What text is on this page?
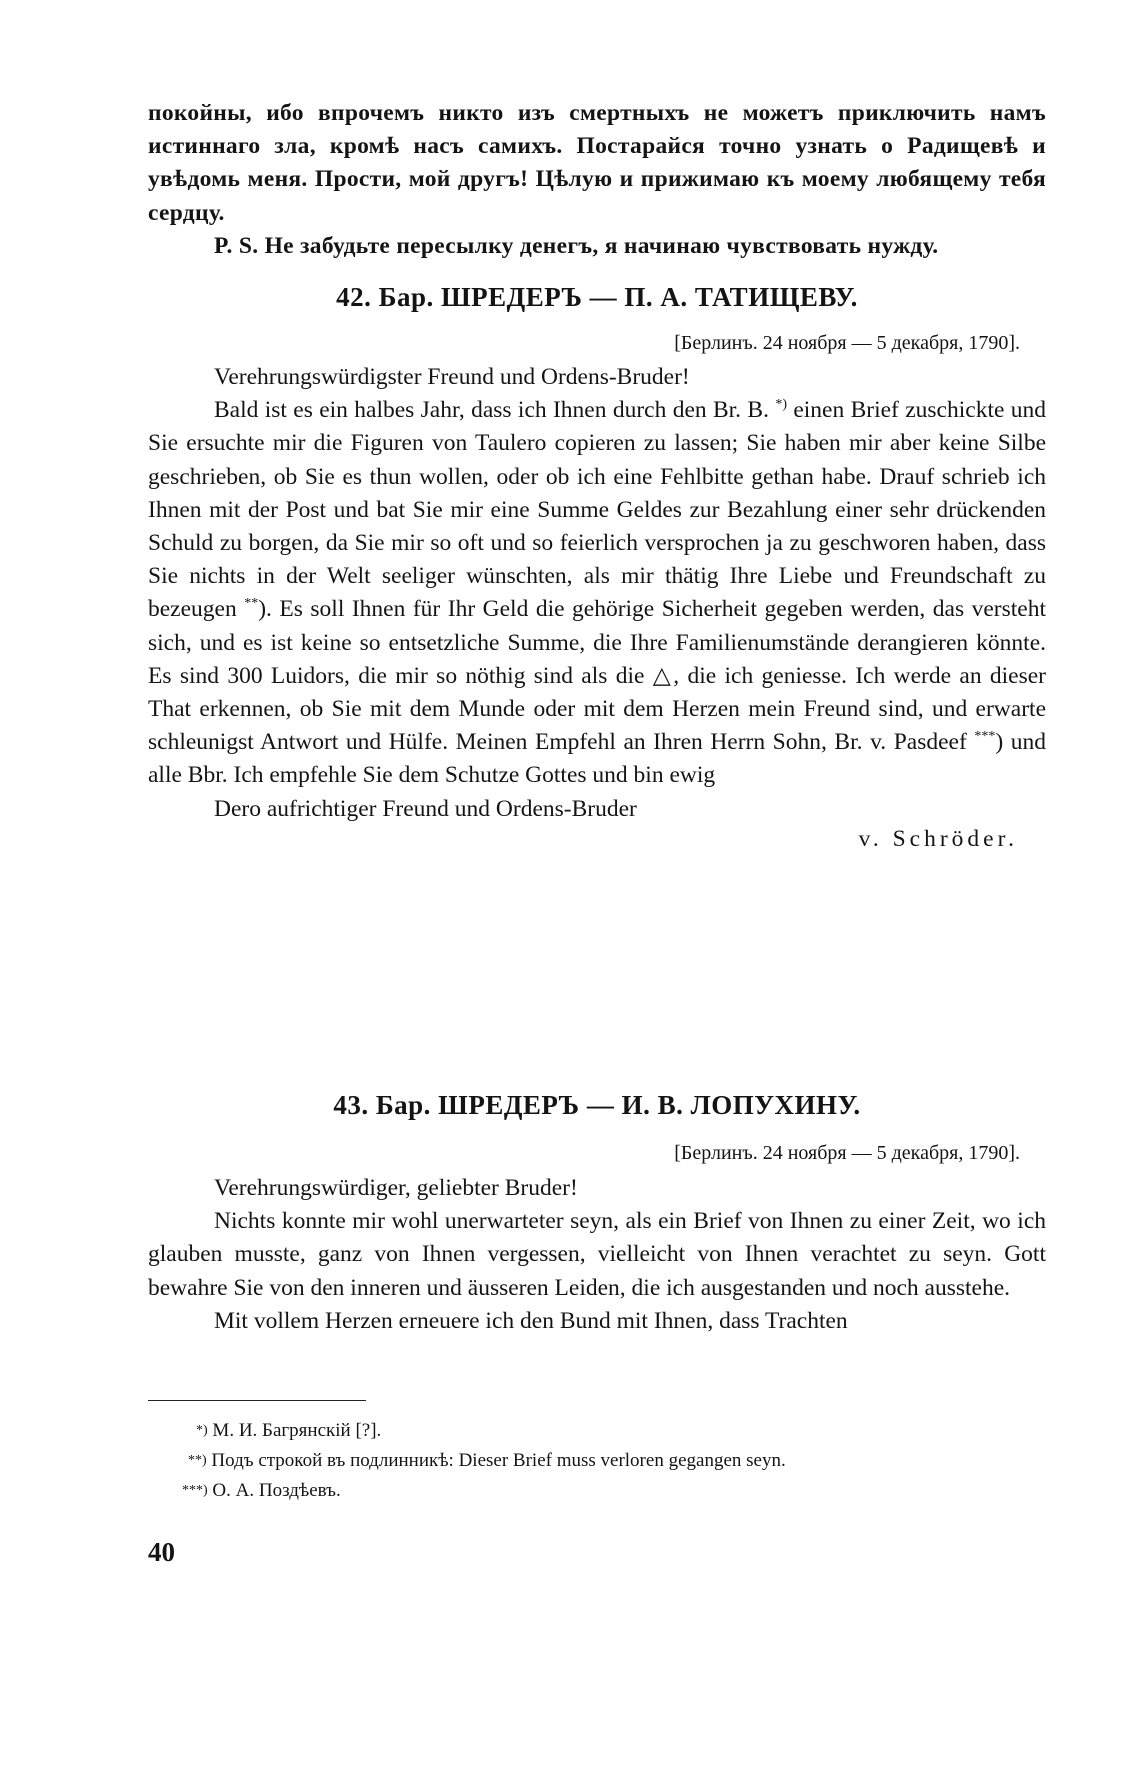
покойны, ибо впрочемъ никто изъ смертныхъ не можетъ приключить намъ истиннаго зла, кромѣ насъ самихъ. Постарайся точно узнать о Радищевѣ и увѣдомь меня. Прости, мой другъ! Цѣлую и прижимаю къ моему любящему тебя сердцу.

P. S. Не забудьте пересылку денегъ, я начинаю чувствовать нужду.

42. Бар. ШРЕДЕРЪ — П. А. ТАТИЩЕВУ.

[Берлинъ. 24 ноября — 5 декабря, 1790].

Verehrungswürdigster Freund und Ordens-Bruder!

Bald ist es ein halbes Jahr, dass ich Ihnen durch den Br. B. *) einen Brief zuschickte und Sie ersuchte mir die Figuren von Taulero copieren zu lassen; Sie haben mir aber keine Silbe geschrieben, ob Sie es thun wollen, oder ob ich eine Fehlbitte gethan habe. Drauf schrieb ich Ihnen mit der Post und bat Sie mir eine Summe Geldes zur Bezahlung einer sehr drückenden Schuld zu borgen, da Sie mir so oft und so feierlich versprochen ja zu geschworen haben, dass Sie nichts in der Welt seeliger wünschten, als mir thätig Ihre Liebe und Freundschaft zu bezeugen **). Es soll Ihnen für Ihr Geld die gehörige Sicherheit gegeben werden, das versteht sich, und es ist keine so entsetzliche Summe, die Ihre Familienumstände derangieren könnte. Es sind 300 Luidors, die mir so nöthig sind als die △, die ich geniesse. Ich werde an dieser That erkennen, ob Sie mit dem Munde oder mit dem Herzen mein Freund sind, und erwarte schleunigst Antwort und Hülfe. Meinen Empfehl an Ihren Herrn Sohn, Br. v. Pasdeef ***) und alle Bbr. Ich empfehle Sie dem Schutze Gottes und bin ewig

Dero aufrichtiger Freund und Ordens-Bruder

v. Schröder.

43. Бар. ШРЕДЕРЪ — И. В. ЛОПУХИНУ.

[Берлинъ. 24 ноября — 5 декабря, 1790].

Verehrungswürdiger, geliebter Bruder!

Nichts konnte mir wohl unerwarteter seyn, als ein Brief von Ihnen zu einer Zeit, wo ich glauben musste, ganz von Ihnen vergessen, vielleicht von Ihnen verachtet zu seyn. Gott bewahre Sie von den inneren und äusseren Leiden, die ich ausgestanden und noch ausstehe.

Mit vollem Herzen erneuere ich den Bund mit Ihnen, dass Trachten

*) М. И. Багрянскій [?].

**) Подъ строкой въ подлинникѣ: Dieser Brief muss verloren gegangen seyn.

***) О. А. Поздѣевъ.

40
